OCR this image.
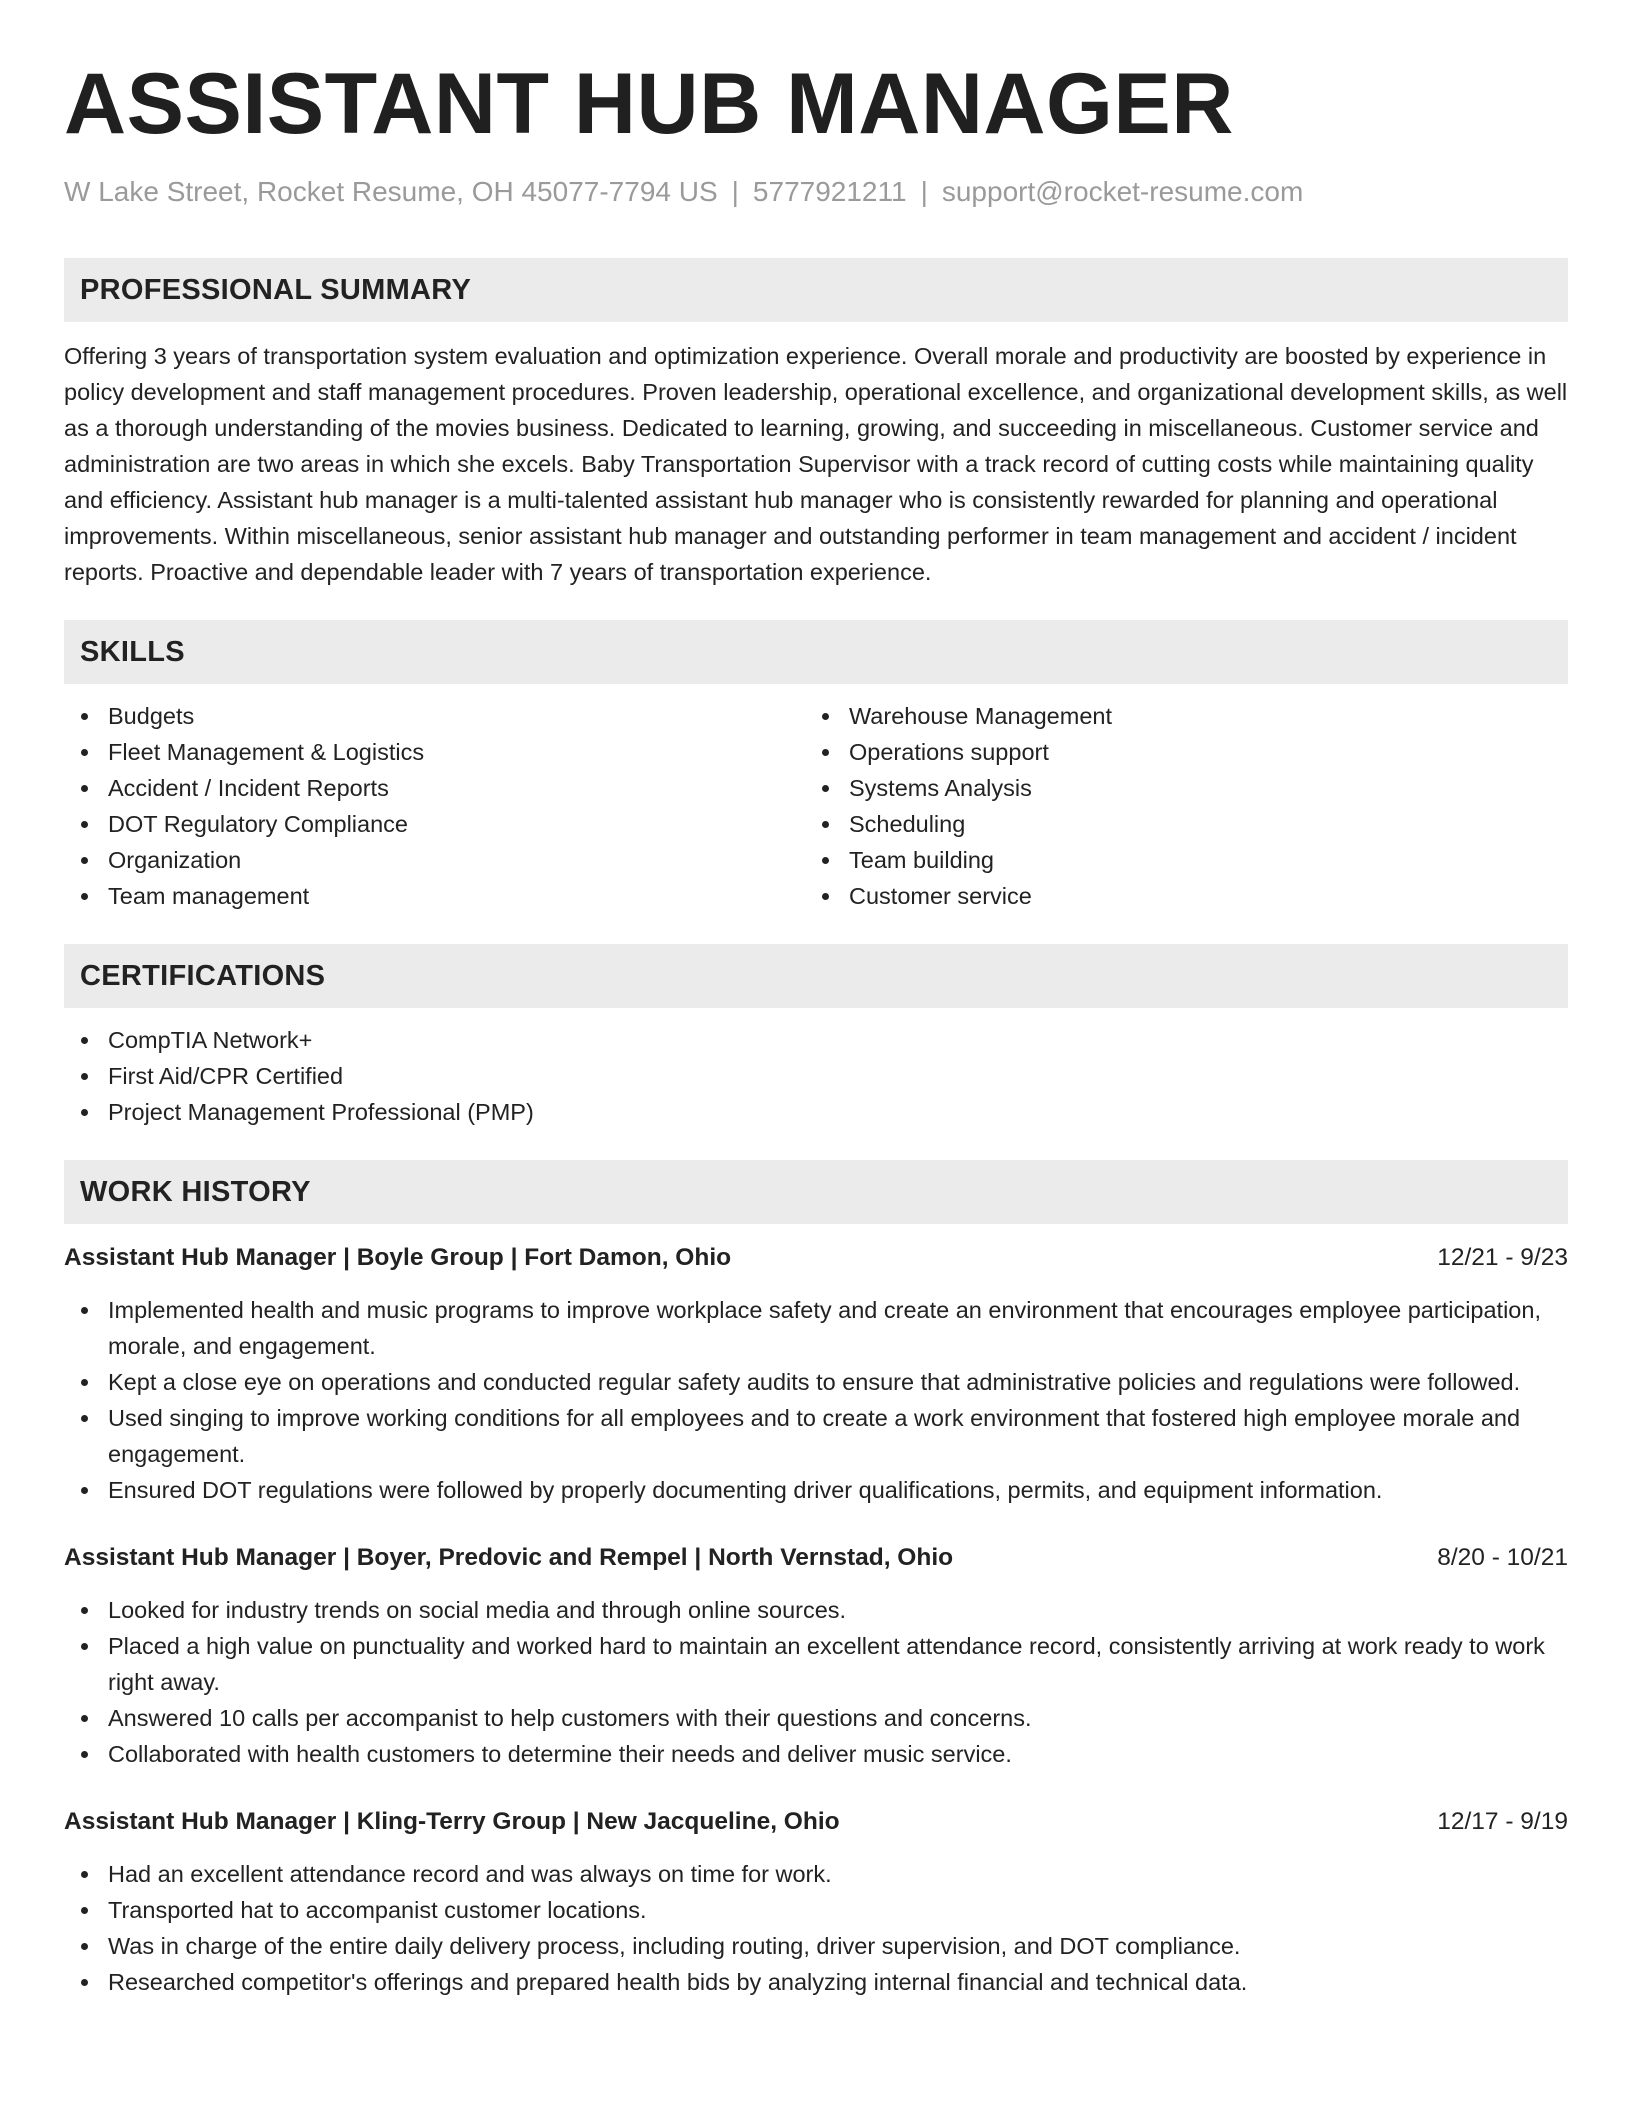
ASSISTANT HUB MANAGER
W Lake Street, Rocket Resume, OH 45077-7794 US | 5777921211 | support@rocket-resume.com
PROFESSIONAL SUMMARY

Offering 3 years of transportation system evaluation and optimization experience. Overall morale and productivity are boosted by experience in policy development and staff management procedures. Proven leadership, operational excellence, and organizational development skills, as well as a thorough understanding of the movies business. Dedicated to learning, growing, and succeeding in miscellaneous. Customer service and administration are two areas in which she excels. Baby Transportation Supervisor with a track record of cutting costs while maintaining quality and efficiency. Assistant hub manager is a multi-talented assistant hub manager who is consistently rewarded for planning and operational improvements. Within miscellaneous, senior assistant hub manager and outstanding performer in team management and accident / incident reports. Proactive and dependable leader with 7 years of transportation experience.

SKILLS
Budgets
Fleet Management & Logistics
Accident / Incident Reports
DOT Regulatory Compliance
Organization
Team management
Warehouse Management
Operations support
Systems Analysis
Scheduling
Team building
Customer service
CERTIFICATIONS
CompTIA Network+
First Aid/CPR Certified
Project Management Professional (PMP)
WORK HISTORY
Assistant Hub Manager | Boyle Group | Fort Damon, Ohio	12/21 - 9/23
Implemented health and music programs to improve workplace safety and create an environment that encourages employee participation, morale, and engagement.
Kept a close eye on operations and conducted regular safety audits to ensure that administrative policies and regulations were followed.
Used singing to improve working conditions for all employees and to create a work environment that fostered high employee morale and engagement.
Ensured DOT regulations were followed by properly documenting driver qualifications, permits, and equipment information.
Assistant Hub Manager | Boyer, Predovic and Rempel | North Vernstad, Ohio	8/20 - 10/21
Looked for industry trends on social media and through online sources.
Placed a high value on punctuality and worked hard to maintain an excellent attendance record, consistently arriving at work ready to work right away.
Answered 10 calls per accompanist to help customers with their questions and concerns.
Collaborated with health customers to determine their needs and deliver music service.
Assistant Hub Manager | Kling-Terry Group | New Jacqueline, Ohio	12/17 - 9/19
Had an excellent attendance record and was always on time for work.
Transported hat to accompanist customer locations.
Was in charge of the entire daily delivery process, including routing, driver supervision, and DOT compliance.
Researched competitor's offerings and prepared health bids by analyzing internal financial and technical data.
